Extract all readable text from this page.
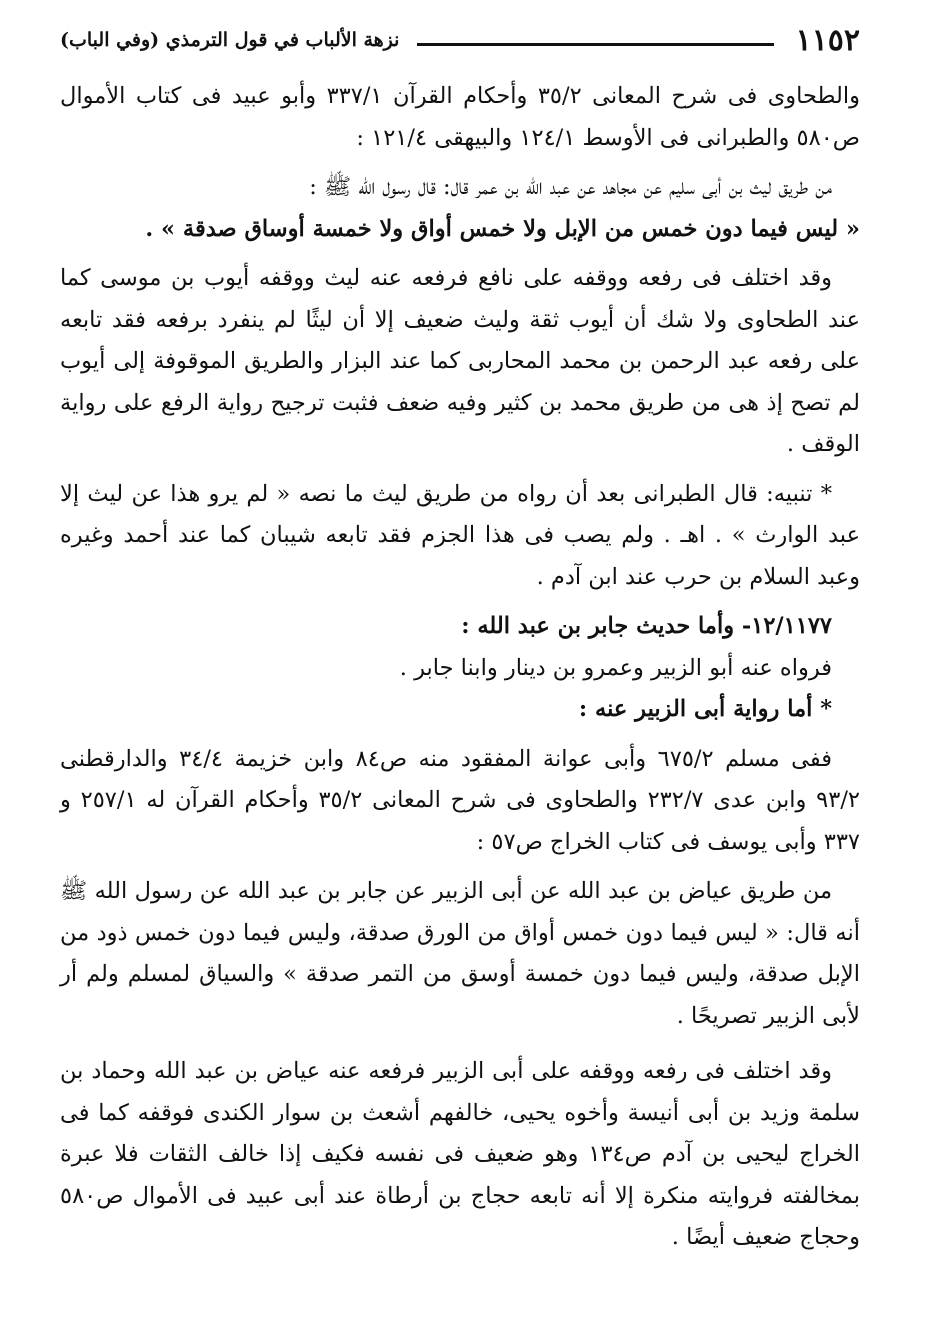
١١٥٢
نزهة الألباب في قول الترمذي (وفي الباب)

والطحاوى فى شرح المعانى ٣٥/٢ وأحكام القرآن ٣٣٧/١ وأبو عبيد فى كتاب الأموال ص٥٨٠ والطبرانى فى الأوسط ١٢٤/١ والبيهقى ١٢١/٤ :

من طريق ليث بن أبى سليم عن مجاهد عن عبد الله بن عمر قال: قال رسول الله ﷺ :

« ليس فيما دون خمس من الإبل ولا خمس أواق ولا خمسة أوساق صدقة » .

وقد اختلف فى رفعه ووقفه على نافع فرفعه عنه ليث ووقفه أيوب بن موسى كما عند الطحاوى ولا شك أن أيوب ثقة وليث ضعيف إلا أن ليثًا لم ينفرد برفعه فقد تابعه على رفعه عبد الرحمن بن محمد المحاربى كما عند البزار والطريق الموقوفة إلى أيوب لم تصح إذ هى من طريق محمد بن كثير وفيه ضعف فثبت ترجيح رواية الرفع على رواية الوقف .

* تنبيه: قال الطبرانى بعد أن رواه من طريق ليث ما نصه « لم يرو هذا عن ليث إلا عبد الوارث » . اهـ . ولم يصب فى هذا الجزم فقد تابعه شيبان كما عند أحمد وغيره وعبد السلام بن حرب عند ابن آدم .

١٢/١١٧٧- وأما حديث جابر بن عبد الله :

فرواه عنه أبو الزبير وعمرو بن دينار وابنا جابر .

* أما رواية أبى الزبير عنه :

ففى مسلم ٦٧٥/٢ وأبى عوانة المفقود منه ص٨٤ وابن خزيمة ٣٤/٤ والدارقطنى ٩٣/٢ وابن عدى ٢٣٢/٧ والطحاوى فى شرح المعانى ٣٥/٢ وأحكام القرآن له ٢٥٧/١ و ٣٣٧ وأبى يوسف فى كتاب الخراج ص٥٧ :

من طريق عياض بن عبد الله عن أبى الزبير عن جابر بن عبد الله عن رسول الله ﷺ أنه قال: « ليس فيما دون خمس أواق من الورق صدقة، وليس فيما دون خمس ذود من الإبل صدقة، وليس فيما دون خمسة أوسق من التمر صدقة » والسياق لمسلم ولم أر لأبى الزبير تصريحًا .

وقد اختلف فى رفعه ووقفه على أبى الزبير فرفعه عنه عياض بن عبد الله وحماد بن سلمة وزيد بن أبى أنيسة وأخوه يحيى، خالفهم أشعث بن سوار الكندى فوقفه كما فى الخراج ليحيى بن آدم ص١٣٤ وهو ضعيف فى نفسه فكيف إذا خالف الثقات فلا عبرة بمخالفته فروايته منكرة إلا أنه تابعه حجاج بن أرطاة عند أبى عبيد فى الأموال ص٥٨٠ وحجاج ضعيف أيضًا .
